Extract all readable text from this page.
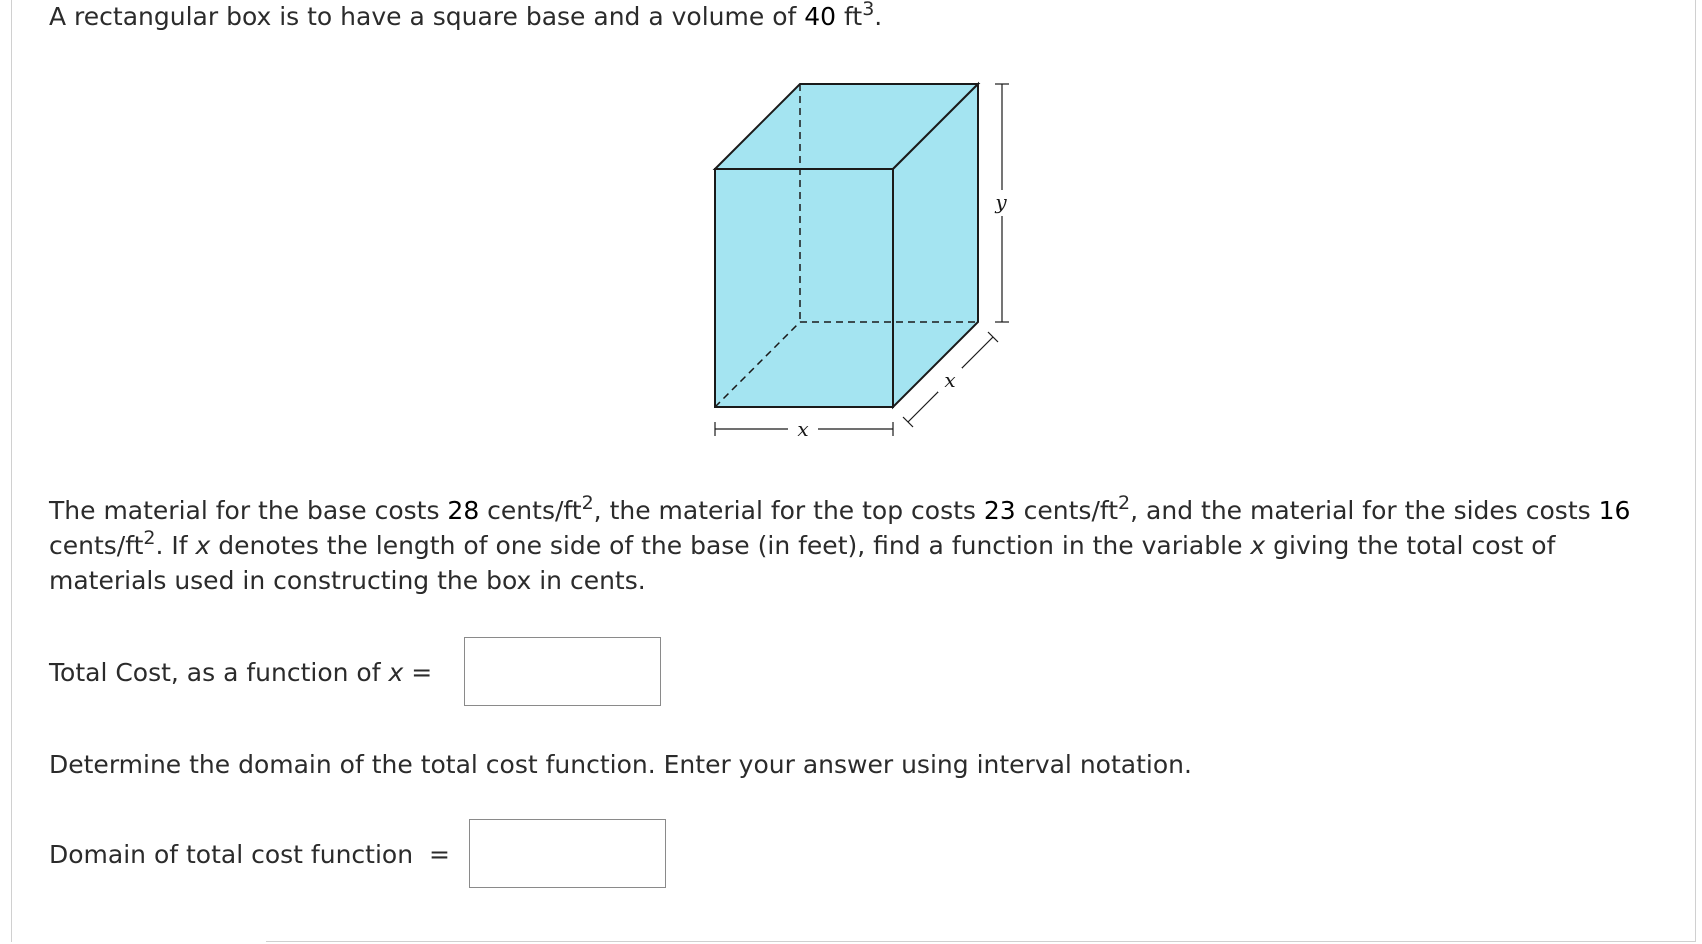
A rectangular box is to have a square base and a volume of 40 $ft^3$.
y
x
x
The material for the base costs 28 cents/$ft^2$, the material for the top costs 23 cents/$ft^2$, and the material for the sides costs 16 cents/$ft^2$. If x denotes the length of one side of the base (in feet), find a function in the variable x giving the total cost of materials used in constructing the box in cents.
Total Cost, as a function of x =
Determine the domain of the total cost function. Enter your answer using interval notation.
Domain of total cost function  =
